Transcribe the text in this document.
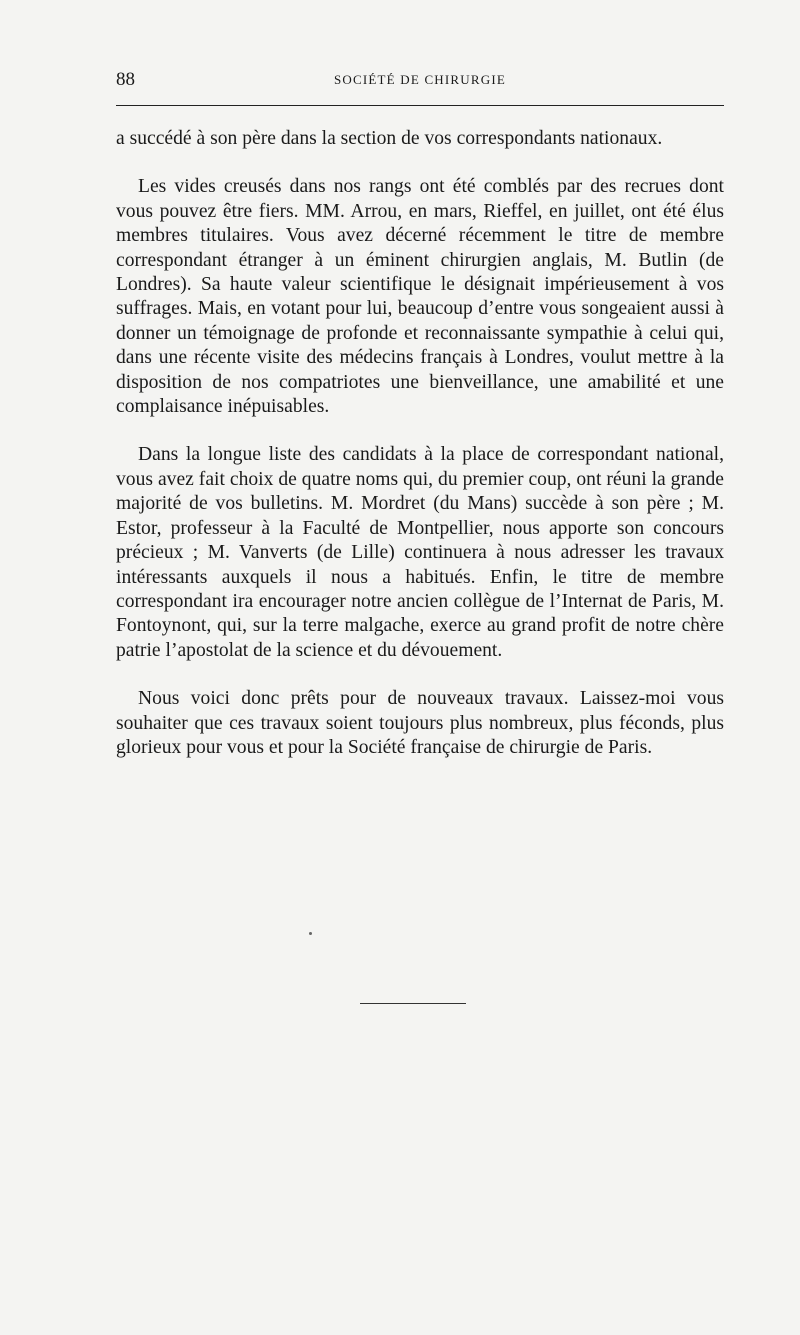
88	SOCIÉTÉ DE CHIRURGIE

a succédé à son père dans la section de vos correspondants nationaux.

Les vides creusés dans nos rangs ont été comblés par des recrues dont vous pouvez être fiers. MM. Arrou, en mars, Rieffel, en juillet, ont été élus membres titulaires. Vous avez décerné récemment le titre de membre correspondant étranger à un éminent chirurgien anglais, M. Butlin (de Londres). Sa haute valeur scientifique le désignait impérieusement à vos suffrages. Mais, en votant pour lui, beaucoup d’entre vous songeaient aussi à donner un témoignage de profonde et reconnaissante sympathie à celui qui, dans une récente visite des médecins français à Londres, voulut mettre à la disposition de nos compatriotes une bienveillance, une amabilité et une complaisance inépuisables.

Dans la longue liste des candidats à la place de correspondant national, vous avez fait choix de quatre noms qui, du premier coup, ont réuni la grande majorité de vos bulletins. M. Mordret (du Mans) succède à son père ; M. Estor, professeur à la Faculté de Montpellier, nous apporte son concours précieux ; M. Vanverts (de Lille) continuera à nous adresser les travaux intéressants auxquels il nous a habitués. Enfin, le titre de membre correspondant ira encourager notre ancien collègue de l’Internat de Paris, M. Fontoynont, qui, sur la terre malgache, exerce au grand profit de notre chère patrie l’apostolat de la science et du dévouement.

Nous voici donc prêts pour de nouveaux travaux. Laissez-moi vous souhaiter que ces travaux soient toujours plus nombreux, plus féconds, plus glorieux pour vous et pour la Société française de chirurgie de Paris.
